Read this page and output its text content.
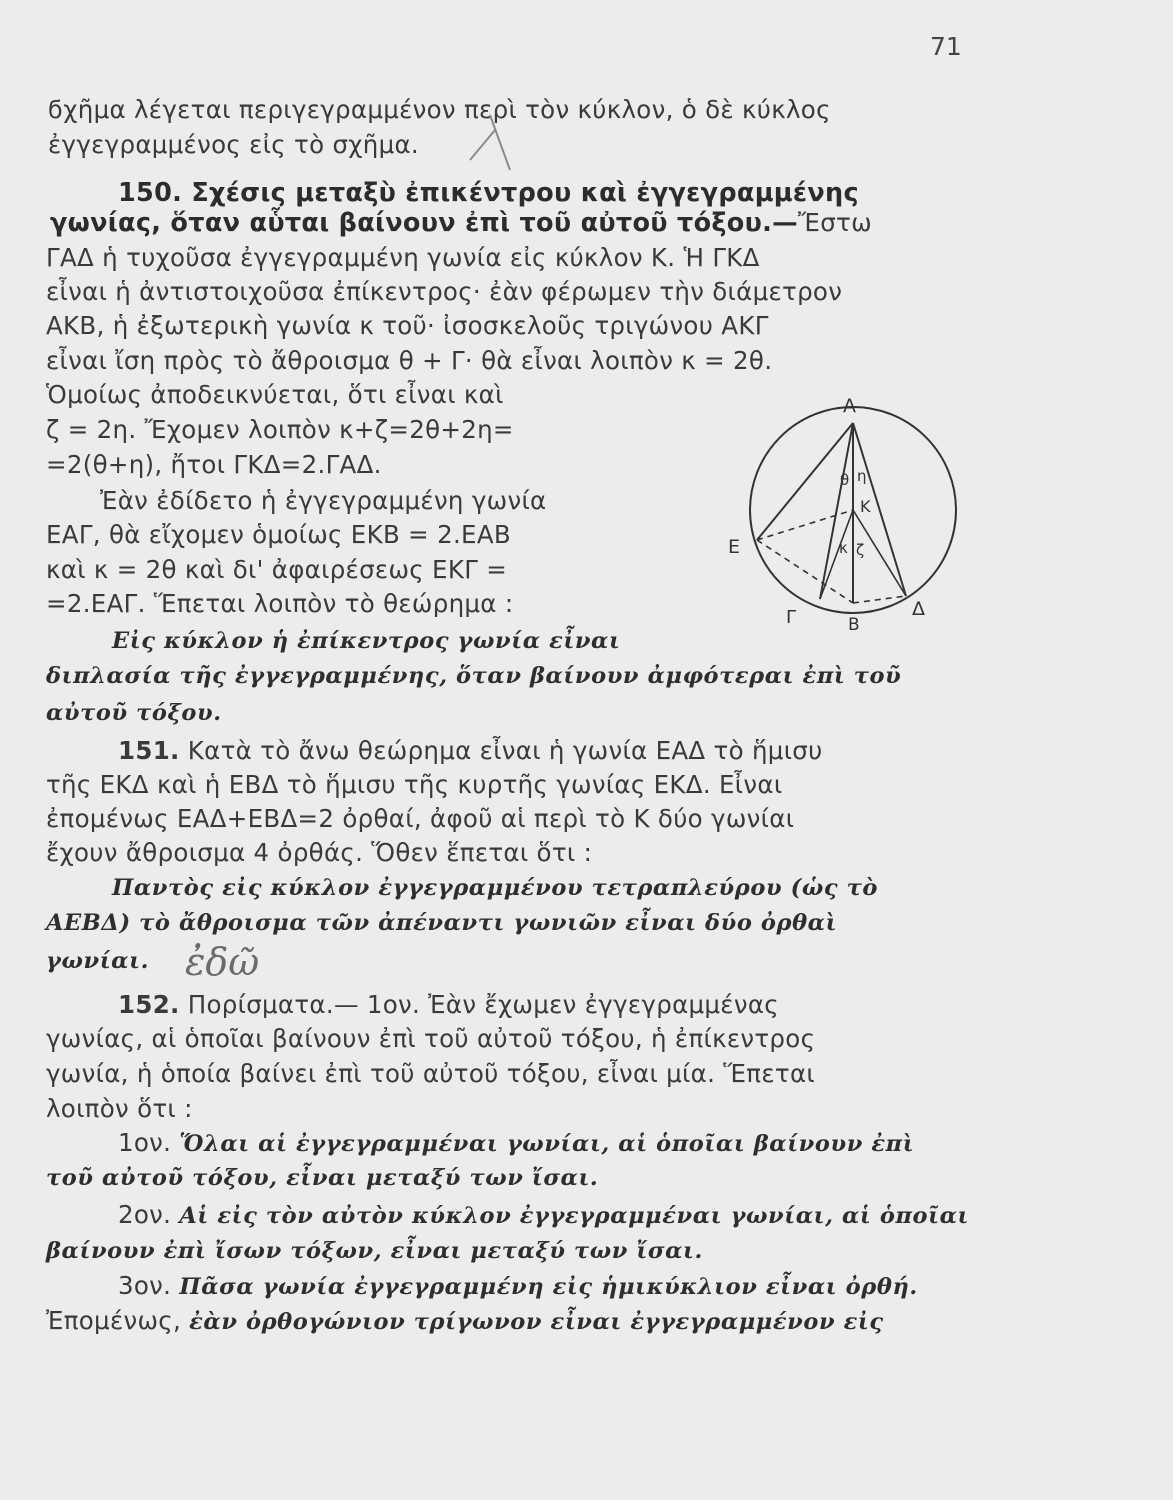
71
ϭχῆμα λέγεται περιγεγραμμένον περὶ τὸν κύκλον, ὁ δὲ κύκλος
ἐγγεγραμμένος εἰς τὸ σχῆμα.
150. Σχέσις μεταξὺ ἐπικέντρου καὶ ἐγγεγραμμένης
γωνίας, ὅταν αὗται βαίνουν ἐπὶ τοῦ αὐτοῦ τόξου.—Ἔστω
ΓΑΔ ἡ τυχοῦσα ἐγγεγραμμένη γωνία εἰς κύκλον Κ. Ἡ ΓΚΔ
εἶναι ἡ ἀντιστοιχοῦσα ἐπίκεντρος· ἐὰν φέρωμεν τὴν διάμετρον
ΑΚΒ, ἡ ἐξωτερικὴ γωνία κ τοῦ· ἰσοσκελοῦς τριγώνου ΑΚΓ
εἶναι ἴση πρὸς τὸ ἄθροισμα θ + Γ· θὰ εἶναι λοιπὸν κ = 2θ.
Ὁμοίως ἀποδεικνύεται, ὅτι εἶναι καὶ
ζ = 2η. Ἔχομεν λοιπὸν κ+ζ=2θ+2η=
=2(θ+η), ἤτοι ΓΚΔ=2.ΓΑΔ.
Ἐὰν ἐδίδετο ἡ ἐγγεγραμμένη γωνία
ΕΑΓ, θὰ εἴχομεν ὁμοίως ΕΚΒ = 2.ΕΑΒ
καὶ κ = 2θ καὶ δι' ἀφαιρέσεως ΕΚΓ =
=2.ΕΑΓ. Ἕπεται λοιπὸν τὸ θεώρημα :
Εἰς κύκλον ἡ ἐπίκεντρος γωνία εἶναι
διπλασία τῆς ἐγγεγραμμένης, ὅταν βαίνουν ἀμφότεραι ἐπὶ τοῦ
αὐτοῦ τόξου.
151. Κατὰ τὸ ἄνω θεώρημα εἶναι ἡ γωνία ΕΑΔ τὸ ἥμισυ
τῆς ΕΚΔ καὶ ἡ ΕΒΔ τὸ ἥμισυ τῆς κυρτῆς γωνίας ΕΚΔ. Εἶναι
ἐπομένως ΕΑΔ+ΕΒΔ=2 ὀρθαί, ἀφοῦ αἱ περὶ τὸ Κ δύο γωνίαι
ἔχουν ἄθροισμα 4 ὀρθάς. Ὅθεν ἕπεται ὅτι :
Παντὸς εἰς κύκλον ἐγγεγραμμένου τετραπλεύρου (ὡς τὸ
ΑΕΒΔ) τὸ ἄθροισμα τῶν ἀπέναντι γωνιῶν εἶναι δύο ὀρθαὶ
γωνίαι. ἐδῶ
152. Πορίσματα.— 1ον. Ἐὰν ἔχωμεν ἐγγεγραμμένας
γωνίας, αἱ ὁποῖαι βαίνουν ἐπὶ τοῦ αὐτοῦ τόξου, ἡ ἐπίκεντρος
γωνία, ἡ ὁποία βαίνει ἐπὶ τοῦ αὐτοῦ τόξου, εἶναι μία. Ἕπεται
λοιπὸν ὅτι :
1ον. Ὅλαι αἱ ἐγγεγραμμέναι γωνίαι, αἱ ὁποῖαι βαίνουν ἐπὶ
τοῦ αὐτοῦ τόξου, εἶναι μεταξύ των ἴσαι.
2ον. Αἱ εἰς τὸν αὐτὸν κύκλον ἐγγεγραμμέναι γωνίαι, αἱ ὁποῖαι
βαίνουν ἐπὶ ἴσων τόξων, εἶναι μεταξύ των ἴσαι.
3ον. Πᾶσα γωνία ἐγγεγραμμένη εἰς ἡμικύκλιον εἶναι ὀρθή.
Ἐπομένως, ἐὰν ὀρθογώνιον τρίγωνον εἶναι ἐγγεγραμμένον εἰς
Α
Κ
Ε
Γ	Δ
Β
θ η
κ ζ
